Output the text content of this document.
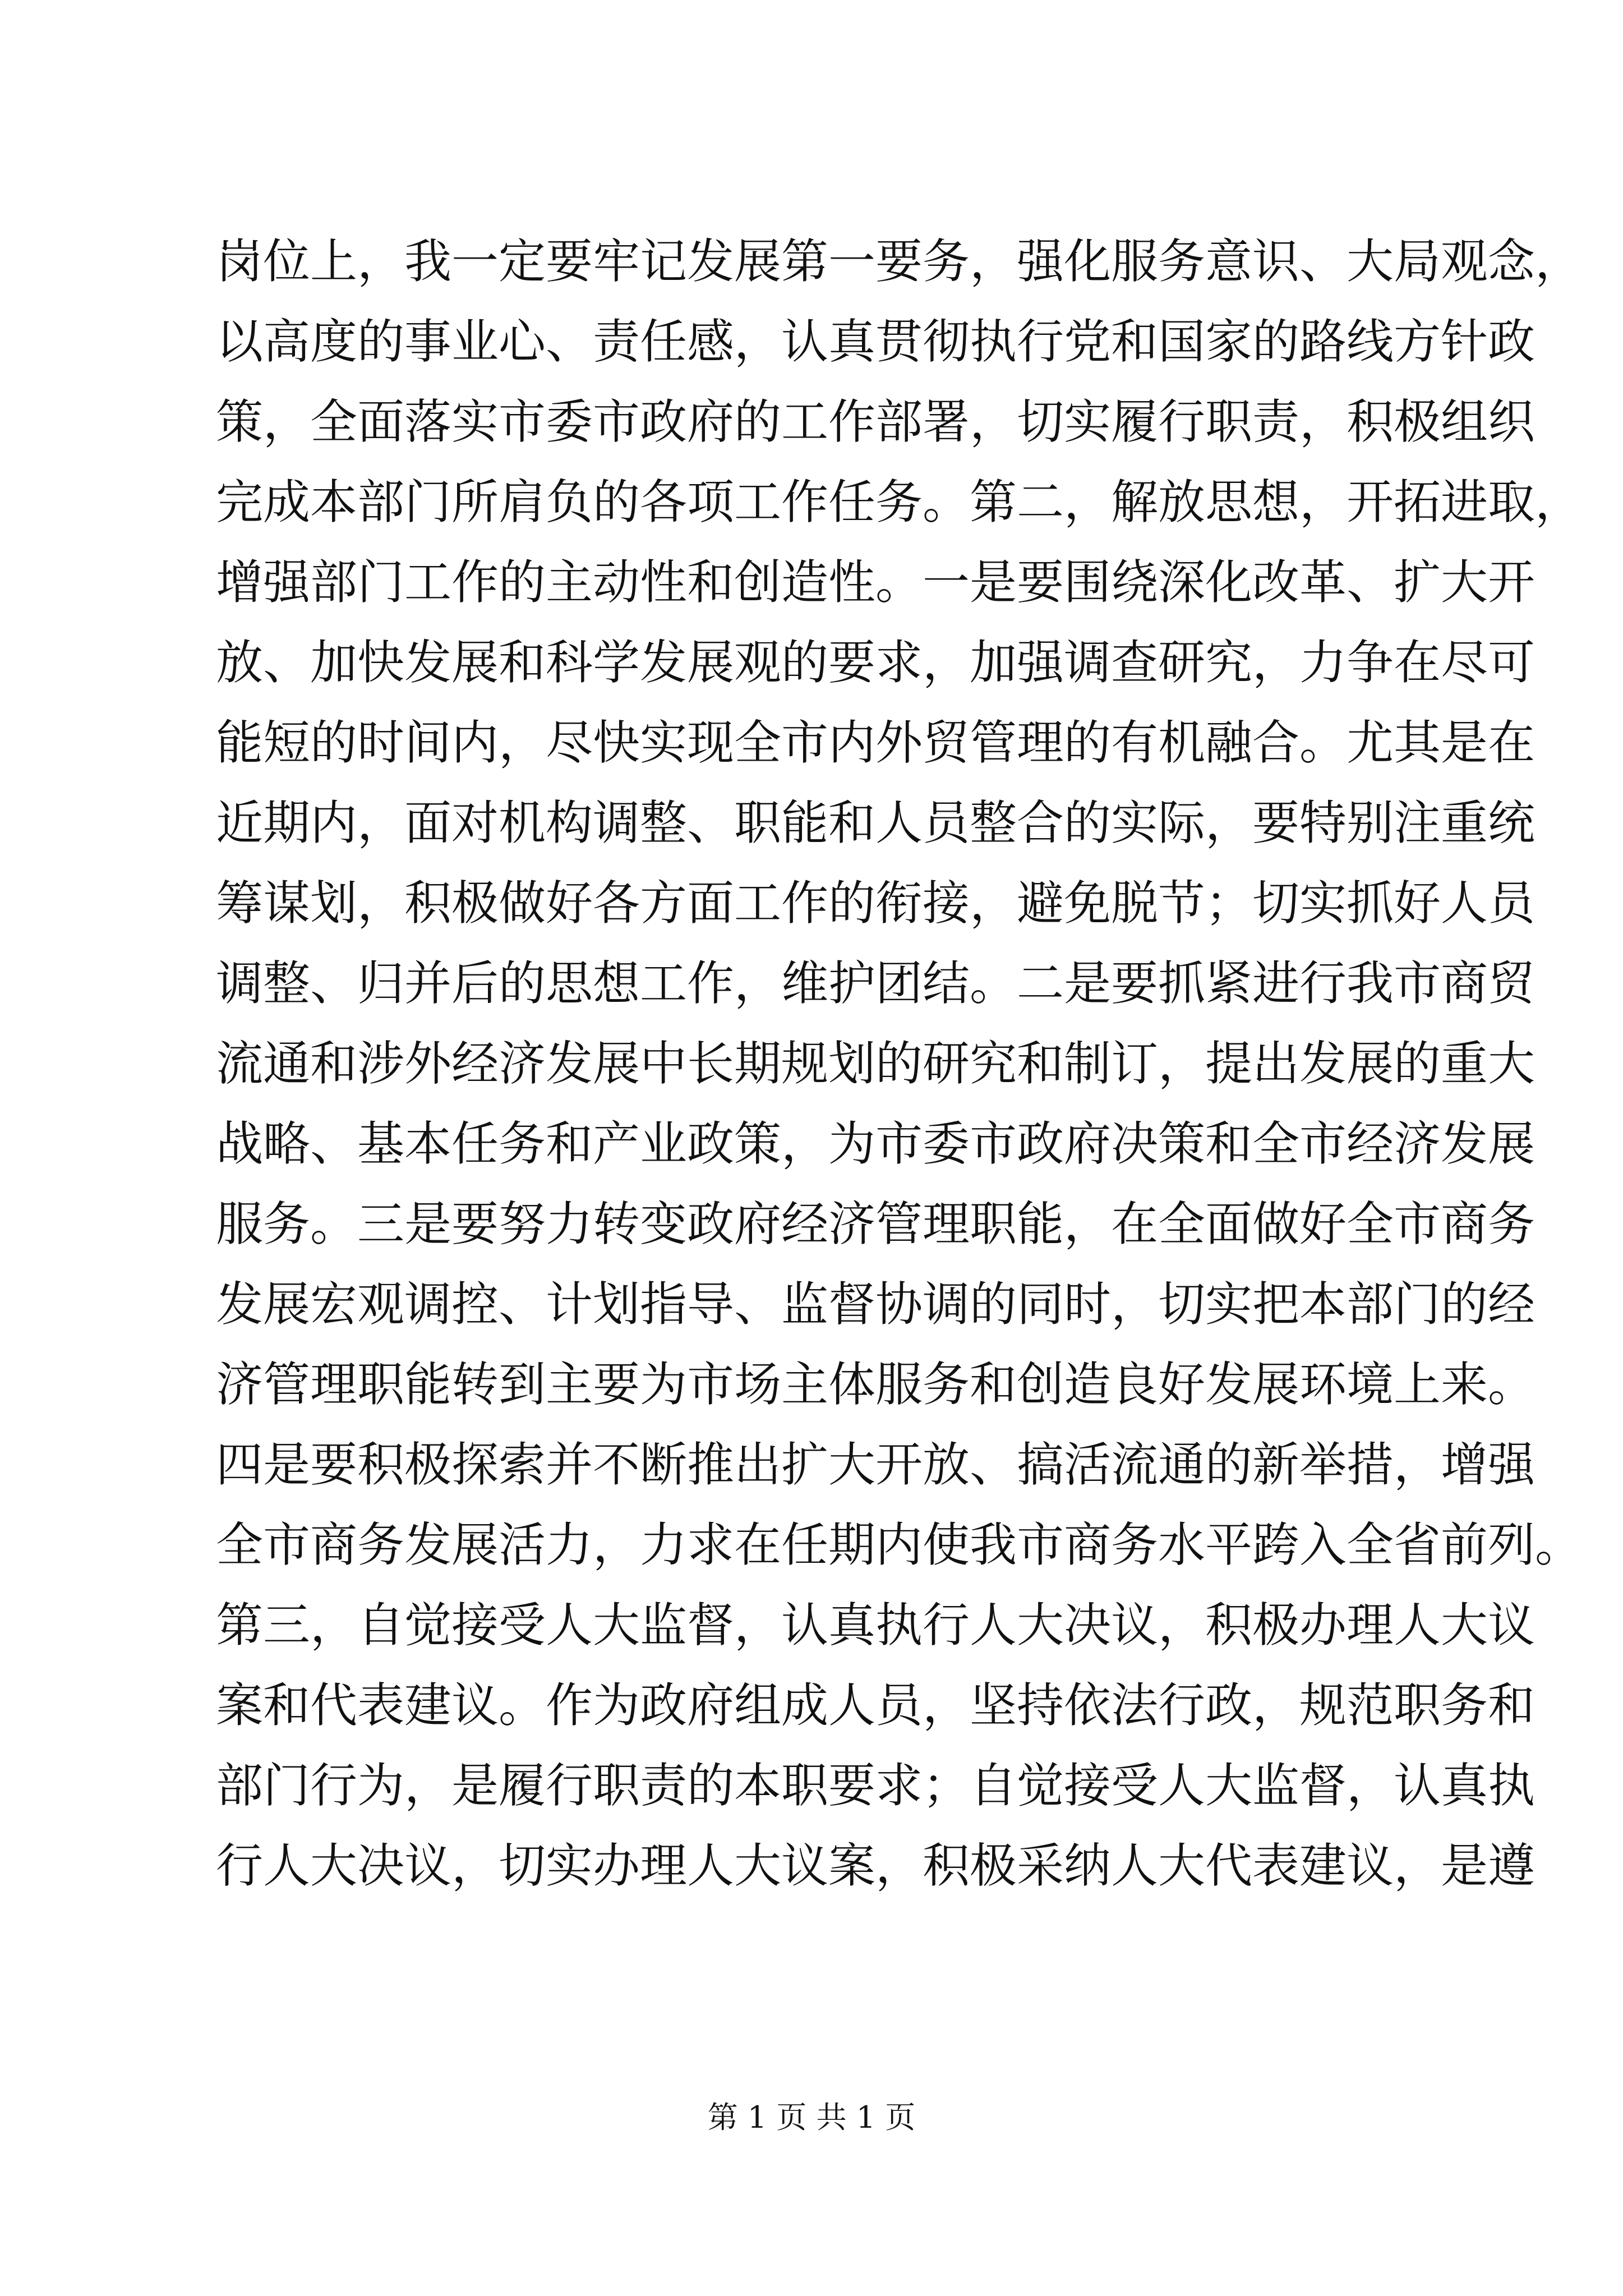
岗位上，我一定要牢记发展第一要务，强化服务意识、大局观念，
以高度的事业心、责任感，认真贯彻执行党和国家的路线方针政
策，全面落实市委市政府的工作部署，切实履行职责，积极组织
完成本部门所肩负的各项工作任务。第二，解放思想，开拓进取，
增强部门工作的主动性和创造性。一是要围绕深化改革、扩大开
放、加快发展和科学发展观的要求，加强调查研究，力争在尽可
能短的时间内，尽快实现全市内外贸管理的有机融合。尤其是在
近期内，面对机构调整、职能和人员整合的实际，要特别注重统
筹谋划，积极做好各方面工作的衔接，避免脱节；切实抓好人员
调整、归并后的思想工作，维护团结。二是要抓紧进行我市商贸
流通和涉外经济发展中长期规划的研究和制订，提出发展的重大
战略、基本任务和产业政策，为市委市政府决策和全市经济发展
服务。三是要努力转变政府经济管理职能，在全面做好全市商务
发展宏观调控、计划指导、监督协调的同时，切实把本部门的经
济管理职能转到主要为市场主体服务和创造良好发展环境上来。
四是要积极探索并不断推出扩大开放、搞活流通的新举措，增强
全市商务发展活力，力求在任期内使我市商务水平跨入全省前列。
第三，自觉接受人大监督，认真执行人大决议，积极办理人大议
案和代表建议。作为政府组成人员，坚持依法行政，规范职务和
部门行为，是履行职责的本职要求；自觉接受人大监督，认真执
行人大决议，切实办理人大议案，积极采纳人大代表建议，是遵
第 1 页 共 1 页
